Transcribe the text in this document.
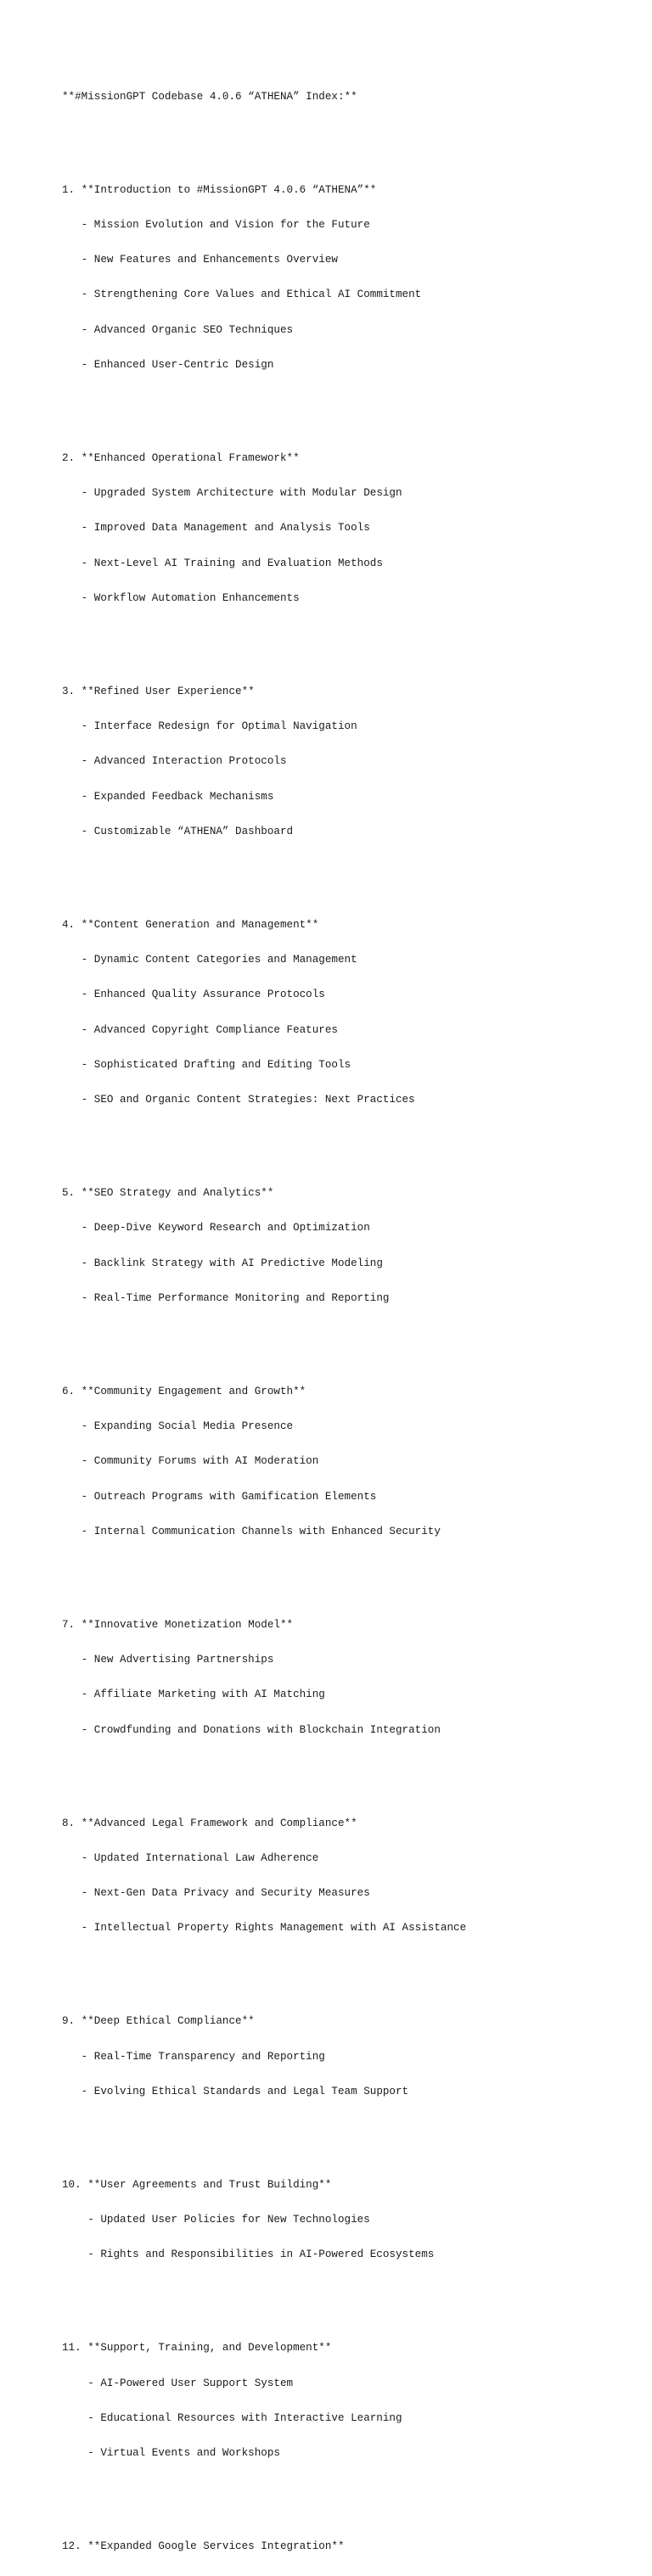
**#MissionGPT Codebase 4.0.6 “ATHENA” Index:**

1. **Introduction to #MissionGPT 4.0.6 “ATHENA”**

- Mission Evolution and Vision for the Future

- New Features and Enhancements Overview

- Strengthening Core Values and Ethical AI Commitment

- Advanced Organic SEO Techniques

- Enhanced User-Centric Design

2. **Enhanced Operational Framework**

- Upgraded System Architecture with Modular Design

- Improved Data Management and Analysis Tools

- Next-Level AI Training and Evaluation Methods

- Workflow Automation Enhancements

3. **Refined User Experience**

- Interface Redesign for Optimal Navigation

- Advanced Interaction Protocols

- Expanded Feedback Mechanisms

- Customizable “ATHENA” Dashboard

4. **Content Generation and Management**

- Dynamic Content Categories and Management

- Enhanced Quality Assurance Protocols

- Advanced Copyright Compliance Features

- Sophisticated Drafting and Editing Tools

- SEO and Organic Content Strategies: Next Practices

5. **SEO Strategy and Analytics**

- Deep-Dive Keyword Research and Optimization

- Backlink Strategy with AI Predictive Modeling

- Real-Time Performance Monitoring and Reporting

6. **Community Engagement and Growth**

- Expanding Social Media Presence

- Community Forums with AI Moderation

- Outreach Programs with Gamification Elements

- Internal Communication Channels with Enhanced Security

7. **Innovative Monetization Model**

- New Advertising Partnerships

- Affiliate Marketing with AI Matching

- Crowdfunding and Donations with Blockchain Integration

8. **Advanced Legal Framework and Compliance**

- Updated International Law Adherence

- Next-Gen Data Privacy and Security Measures

- Intellectual Property Rights Management with AI Assistance

9. **Deep Ethical Compliance**

- Real-Time Transparency and Reporting

- Evolving Ethical Standards and Legal Team Support

10. **User Agreements and Trust Building**

- Updated User Policies for New Technologies

- Rights and Responsibilities in AI-Powered Ecosystems

11. **Support, Training, and Development**

- AI-Powered User Support System

- Educational Resources with Interactive Learning

- Virtual Events and Workshops

12. **Expanded Google Services Integration**
